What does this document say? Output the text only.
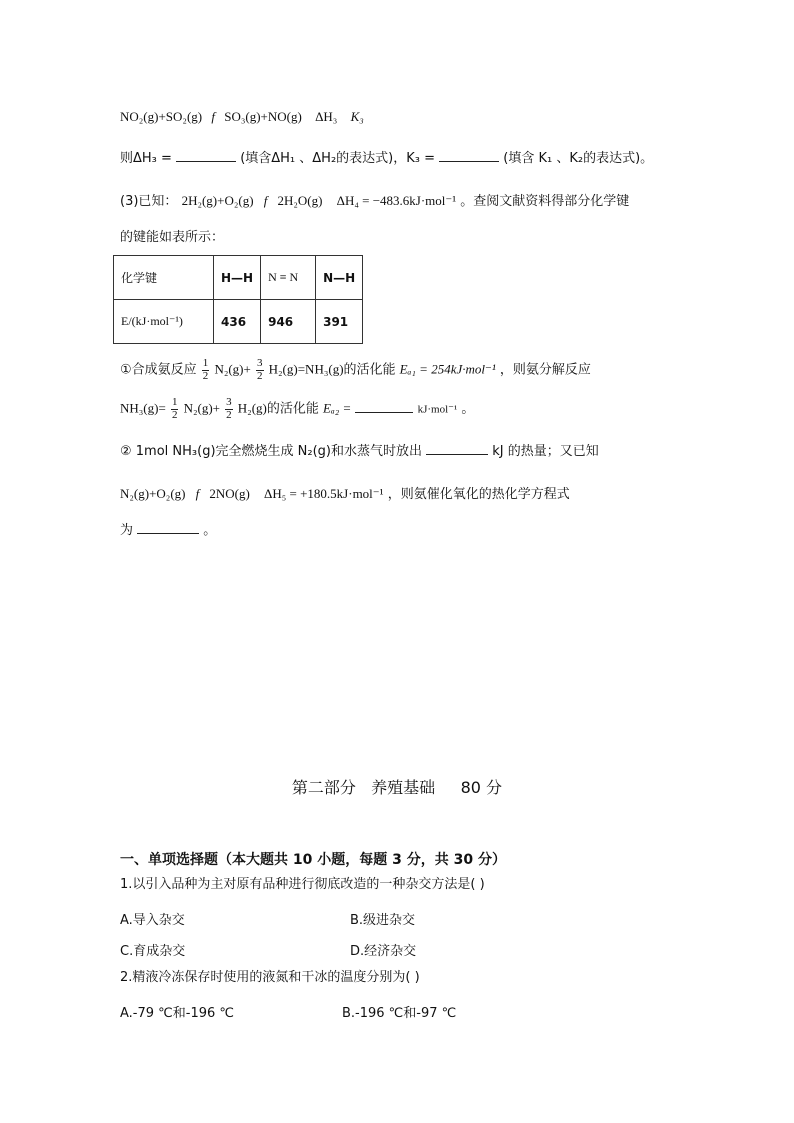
NO₂(g)+SO₂(g) f SO₃(g)+NO(g) ΔH₃ K₃
则ΔH₃ =	(填含ΔH₁ 、ΔH₂的表达式)，K₃ =	(填含 K₁ 、K₂的表达式)。
(3)已知： 2H₂(g)+O₂(g) f 2H₂O(g) ΔH₄ = −483.6kJ·mol⁻¹ 。查阅文献资料得部分化学键
的键能如表所示：
化学键	H—H	N ≡ N	N—H
E/(kJ·mol⁻¹)	436	946	391
①合成氨反应 $\frac{1}{2} N_2(g)+ \frac{3}{2} H_2(g)=NH_3(g)$的活化能 Eₐ₁ = 254kJ·mol⁻¹ ，则氨分解反应
$NH_3(g)= \frac{1}{2} N_2(g)+ \frac{3}{2} H_2(g)$的活化能 Eₐ₂ =	kJ·mol⁻¹ 。
② 1mol NH₃(g)完全燃烧生成 N₂(g)和水蒸气时放出	kJ 的热量；又已知
N₂(g)+O₂(g) f 2NO(g) ΔH₅ = +180.5kJ·mol⁻¹ ，则氨催化氧化的热化学方程式
为	。
第二部分   养殖基础     80 分
一、单项选择题（本大题共 10 小题，每题 3 分，共 30 分）
1.以引入品种为主对原有品种进行彻底改造的一种杂交方法是( )
A.导入杂交	B.级进杂交
C.育成杂交	D.经济杂交
2.精液冷冻保存时使用的液氮和干冰的温度分别为( )
A.-79 ℃和-196 ℃	B.-196 ℃和-97 ℃
